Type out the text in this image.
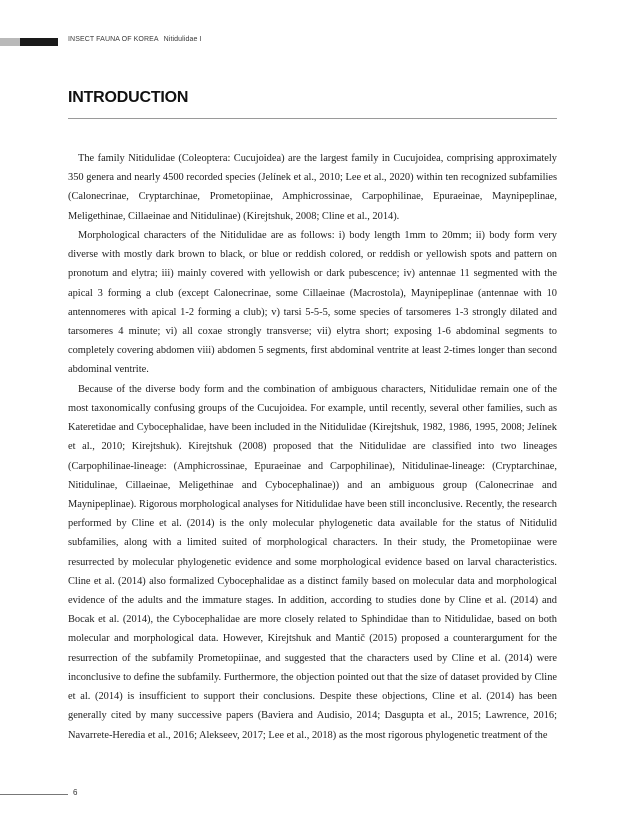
INSECT FAUNA OF KOREA Nitidulidae I
INTRODUCTION

The family Nitidulidae (Coleoptera: Cucujoidea) are the largest family in Cucujoidea, comprising approximately 350 genera and nearly 4500 recorded species (Jelínek et al., 2010; Lee et al., 2020) within ten recognized subfamilies (Calonecrinae, Cryptarchinae, Prometopiinae, Amphicrossinae, Carpophilinae, Epuraeinae, Maynipeplinae, Meligethinae, Cillaeinae and Nitidulinae) (Kirejtshuk, 2008; Cline et al., 2014).

Morphological characters of the Nitidulidae are as follows: i) body length 1mm to 20mm; ii) body form very diverse with mostly dark brown to black, or blue or reddish colored, or reddish or yellowish spots and pattern on pronotum and elytra; iii) mainly covered with yellowish or dark pubescence; iv) antennae 11 segmented with the apical 3 forming a club (except Calonecrinae, some Cillaeinae (Macrostola), Maynipeplinae (antennae with 10 antennomeres with apical 1-2 forming a club); v) tarsi 5-5-5, some species of tarsomeres 1-3 strongly dilated and tarsomeres 4 minute; vi) all coxae strongly transverse; vii) elytra short; exposing 1-6 abdominal segments to completely covering abdomen viii) abdomen 5 segments, first abdominal ventrite at least 2-times longer than second abdominal ventrite.

Because of the diverse body form and the combination of ambiguous characters, Nitidulidae remain one of the most taxonomically confusing groups of the Cucujoidea. For example, until recently, several other families, such as Kateretidae and Cybocephalidae, have been included in the Nitidulidae (Kirejtshuk, 1982, 1986, 1995, 2008; Jelínek et al., 2010; Kirejtshuk). Kirejtshuk (2008) proposed that the Nitidulidae are classified into two lineages (Carpophilinae-lineage: (Amphicrossinae, Epuraeinae and Carpophilinae), Nitidulinae-lineage: (Cryptarchinae, Nitidulinae, Cillaeinae, Meligethinae and Cybocephalinae)) and an ambiguous group (Calonecrinae and Maynipeplinae). Rigorous morphological analyses for Nitidulidae have been still inconclusive. Recently, the research performed by Cline et al. (2014) is the only molecular phylogenetic data available for the status of Nitidulid subfamilies, along with a limited suited of morphological characters. In their study, the Prometopiinae were resurrected by molecular phylogenetic evidence and some morphological evidence based on larval characteristics. Cline et al. (2014) also formalized Cybocephalidae as a distinct family based on molecular data and morphological evidence of the adults and the immature stages. In addition, according to studies done by Cline et al. (2014) and Bocak et al. (2014), the Cybocephalidae are more closely related to Sphindidae than to Nitidulidae, based on both molecular and morphological data. However, Kirejtshuk and Mantič (2015) proposed a counterargument for the resurrection of the subfamily Prometopiinae, and suggested that the characters used by Cline et al. (2014) were inconclusive to define the subfamily. Furthermore, the objection pointed out that the size of dataset provided by Cline et al. (2014) is insufficient to support their conclusions. Despite these objections, Cline et al. (2014) has been generally cited by many successive papers (Baviera and Audisio, 2014; Dasgupta et al., 2015; Lawrence, 2016; Navarrete-Heredia et al., 2016; Alekseev, 2017; Lee et al., 2018) as the most rigorous phylogenetic treatment of the

6
